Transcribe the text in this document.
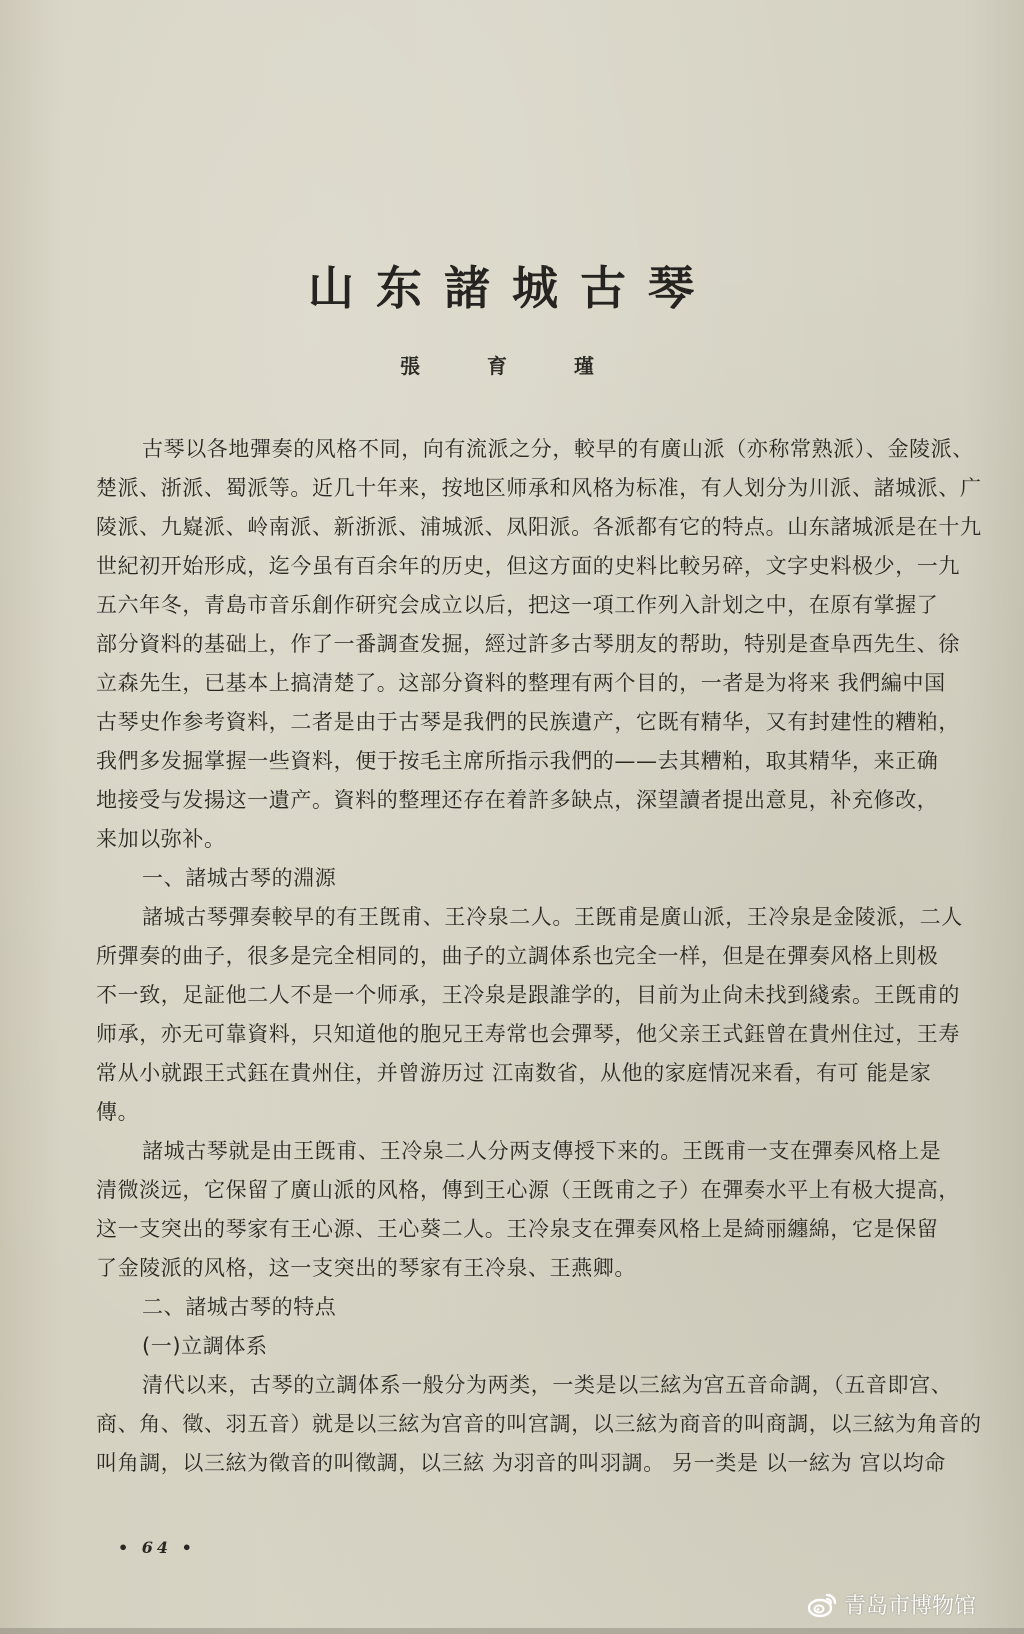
山东諸城古琴
張 育 瑾
古琴以各地彈奏的风格不同，向有流派之分，較早的有廣山派（亦称常熟派）、金陵派、
楚派、浙派、蜀派等。近几十年来，按地区师承和风格为标准，有人划分为川派、諸城派、广
陵派、九嶷派、岭南派、新浙派、浦城派、凤阳派。各派都有它的特点。山东諸城派是在十九
世紀初开始形成，迄今虽有百余年的历史，但这方面的史料比較另碎，文字史料极少，一九
五六年冬，青島市音乐創作研究会成立以后，把这一項工作列入計划之中，在原有掌握了
部分資料的基础上，作了一番調查发掘，經过許多古琴朋友的帮助，特别是查阜西先生、徐
立森先生，已基本上搞清楚了。这部分資料的整理有两个目的，一者是为将来 我們編中国
古琴史作参考資料，二者是由于古琴是我們的民族遺产，它既有精华，又有封建性的糟粕，
我們多发掘掌握一些資料，便于按毛主席所指示我們的——去其糟粕，取其精华，来正确
地接受与发揚这一遺产。資料的整理还存在着許多缺点，深望讀者提出意見，补充修改，
来加以弥补。
一、諸城古琴的淵源
諸城古琴彈奏較早的有王旣甫、王冷泉二人。王旣甫是廣山派，王冷泉是金陵派，二人
所彈奏的曲子，很多是完全相同的，曲子的立調体系也完全一样，但是在彈奏风格上則极
不一致，足証他二人不是一个师承，王冷泉是跟誰学的，目前为止尙未找到綫索。王旣甫的
师承，亦无可靠資料，只知道他的胞兄王寿常也会彈琴，他父亲王式鈺曾在貴州住过，王寿
常从小就跟王式鈺在貴州住，并曾游历过 江南数省，从他的家庭情况来看，有可 能是家
傳。
諸城古琴就是由王旣甫、王冷泉二人分两支傳授下来的。王旣甫一支在彈奏风格上是
清微淡远，它保留了廣山派的风格，傳到王心源（王旣甫之子）在彈奏水平上有极大提高，
这一支突出的琴家有王心源、王心葵二人。王冷泉支在彈奏风格上是綺丽纏綿，它是保留
了金陵派的风格，这一支突出的琴家有王冷泉、王燕卿。
二、諸城古琴的特点
(一)立調体系
清代以来，古琴的立調体系一般分为两类，一类是以三絃为宫五音命調，（五音即宫、
商、角、徵、羽五音）就是以三絃为宫音的叫宫調，以三絃为商音的叫商調，以三絃为角音的
叫角調，以三絃为徵音的叫徵調，以三絃 为羽音的叫羽調。 另一类是 以一絃为 宫以均命
• 64 •
青岛市博物馆
